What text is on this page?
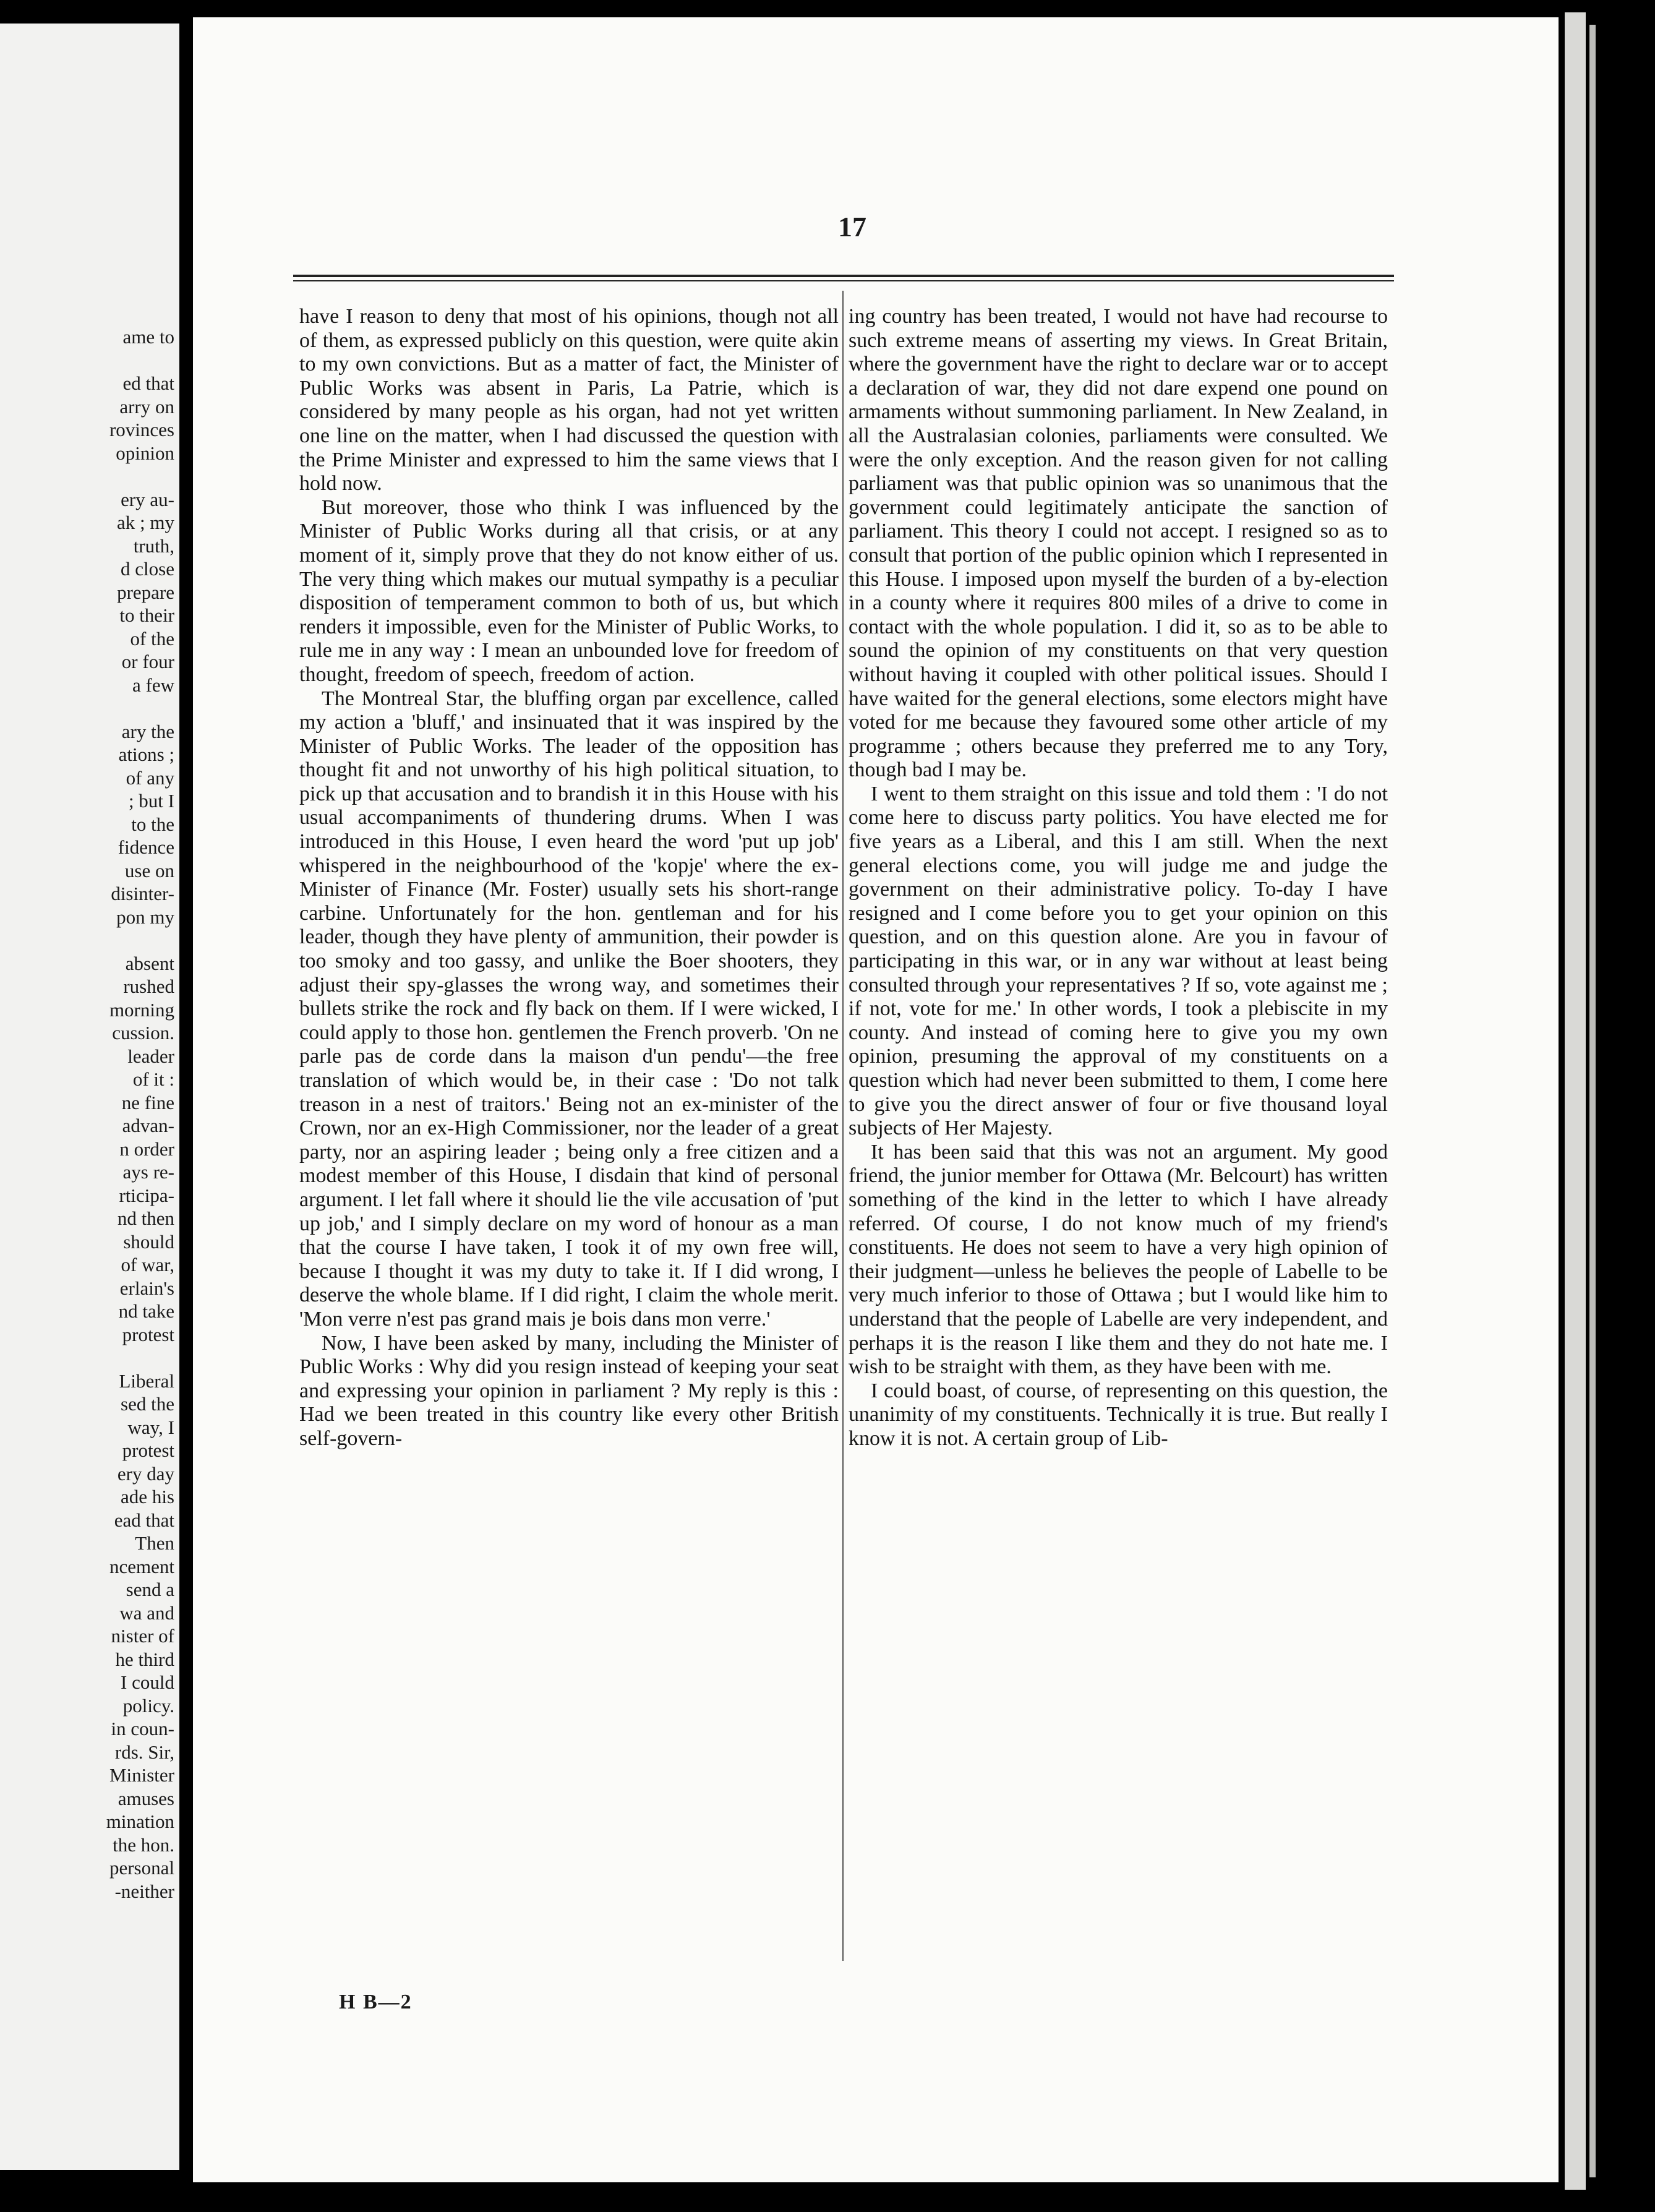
ame to

ed that
arry on
rovinces
opinion

ery au-
ak ; my
truth,
d close
prepare
to their
of the
or four
a few

ary the
ations ;
of any
; but I
to the
fidence
use on
disinter-
pon my

absent
rushed
morning
cussion.
leader
of it :
ne fine
advan-
n order
ays re-
rticipa-
nd then
should
of war,
erlain's
nd take
protest

Liberal
sed the
way, I
protest
ery day
ade his
ead that
Then
ncement
send a
wa and
nister of
he third
I could
policy.
in coun-
rds. Sir,
Minister
amuses
mination
the hon.
personal
-neither
17

have I reason to deny that most of his opinions, though not all of them, as expressed publicly on this question, were quite akin to my own convictions. But as a matter of fact, the Minister of Public Works was absent in Paris, La Patrie, which is considered by many people as his organ, had not yet written one line on the matter, when I had discussed the question with the Prime Minister and expressed to him the same views that I hold now.

But moreover, those who think I was influenced by the Minister of Public Works during all that crisis, or at any moment of it, simply prove that they do not know either of us. The very thing which makes our mutual sympathy is a peculiar disposition of temperament common to both of us, but which renders it impossible, even for the Minister of Public Works, to rule me in any way : I mean an unbounded love for freedom of thought, freedom of speech, freedom of action.

The Montreal Star, the bluffing organ par excellence, called my action a 'bluff,' and insinuated that it was inspired by the Minister of Public Works. The leader of the opposition has thought fit and not unworthy of his high political situation, to pick up that accusation and to brandish it in this House with his usual accompaniments of thundering drums. When I was introduced in this House, I even heard the word 'put up job' whispered in the neighbourhood of the 'kopje' where the ex-Minister of Finance (Mr. Foster) usually sets his short-range carbine. Unfortunately for the hon. gentleman and for his leader, though they have plenty of ammunition, their powder is too smoky and too gassy, and unlike the Boer shooters, they adjust their spy-glasses the wrong way, and sometimes their bullets strike the rock and fly back on them. If I were wicked, I could apply to those hon. gentlemen the French proverb. 'On ne parle pas de corde dans la maison d'un pendu'—the free translation of which would be, in their case : 'Do not talk treason in a nest of traitors.' Being not an ex-minister of the Crown, nor an ex-High Commissioner, nor the leader of a great party, nor an aspiring leader ; being only a free citizen and a modest member of this House, I disdain that kind of personal argument. I let fall where it should lie the vile accusation of 'put up job,' and I simply declare on my word of honour as a man that the course I have taken, I took it of my own free will, because I thought it was my duty to take it. If I did wrong, I deserve the whole blame. If I did right, I claim the whole merit. 'Mon verre n'est pas grand mais je bois dans mon verre.'

Now, I have been asked by many, including the Minister of Public Works : Why did you resign instead of keeping your seat and expressing your opinion in parliament ? My reply is this : Had we been treated in this country like every other British self-govern-

ing country has been treated, I would not have had recourse to such extreme means of asserting my views. In Great Britain, where the government have the right to declare war or to accept a declaration of war, they did not dare expend one pound on armaments without summoning parliament. In New Zealand, in all the Australasian colonies, parliaments were consulted. We were the only exception. And the reason given for not calling parliament was that public opinion was so unanimous that the government could legitimately anticipate the sanction of parliament. This theory I could not accept. I resigned so as to consult that portion of the public opinion which I represented in this House. I imposed upon myself the burden of a by-election in a county where it requires 800 miles of a drive to come in contact with the whole population. I did it, so as to be able to sound the opinion of my constituents on that very question without having it coupled with other political issues. Should I have waited for the general elections, some electors might have voted for me because they favoured some other article of my programme ; others because they preferred me to any Tory, though bad I may be.

I went to them straight on this issue and told them : 'I do not come here to discuss party politics. You have elected me for five years as a Liberal, and this I am still. When the next general elections come, you will judge me and judge the government on their administrative policy. To-day I have resigned and I come before you to get your opinion on this question, and on this question alone. Are you in favour of participating in this war, or in any war without at least being consulted through your representatives ? If so, vote against me ; if not, vote for me.' In other words, I took a plebiscite in my county. And instead of coming here to give you my own opinion, presuming the approval of my constituents on a question which had never been submitted to them, I come here to give you the direct answer of four or five thousand loyal subjects of Her Majesty.

It has been said that this was not an argument. My good friend, the junior member for Ottawa (Mr. Belcourt) has written something of the kind in the letter to which I have already referred. Of course, I do not know much of my friend's constituents. He does not seem to have a very high opinion of their judgment—unless he believes the people of Labelle to be very much inferior to those of Ottawa ; but I would like him to understand that the people of Labelle are very independent, and perhaps it is the reason I like them and they do not hate me. I wish to be straight with them, as they have been with me.

I could boast, of course, of representing on this question, the unanimity of my constituents. Technically it is true. But really I know it is not. A certain group of Lib-

H B—2
